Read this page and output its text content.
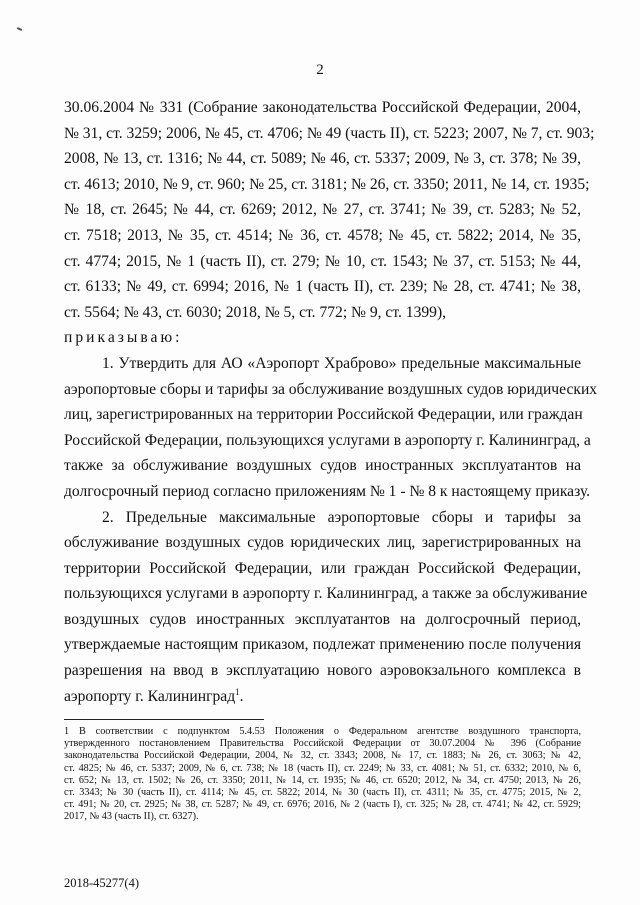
2
30.06.2004 № 331 (Собрание законодательства Российской Федерации, 2004,
№ 31, ст. 3259; 2006, № 45, ст. 4706; № 49 (часть II), ст. 5223; 2007, № 7, ст. 903;
2008, № 13, ст. 1316; № 44, ст. 5089; № 46, ст. 5337; 2009, № 3, ст. 378; № 39,
ст. 4613; 2010, № 9, ст. 960; № 25, ст. 3181; № 26, ст. 3350; 2011, № 14, ст. 1935;
№ 18, ст. 2645; № 44, ст. 6269; 2012, № 27, ст. 3741; № 39, ст. 5283; № 52,
ст. 7518; 2013, № 35, ст. 4514; № 36, ст. 4578; № 45, ст. 5822; 2014, № 35,
ст. 4774; 2015, № 1 (часть II), ст. 279; № 10, ст. 1543; № 37, ст. 5153; № 44,
ст. 6133; № 49, ст. 6994; 2016, № 1 (часть II), ст. 239; № 28, ст. 4741; № 38,
ст. 5564; № 43, ст. 6030; 2018, № 5, ст. 772; № 9, ст. 1399),
приказываю:
1. Утвердить для АО «Аэропорт Храброво» предельные максимальные
аэропортовые сборы и тарифы за обслуживание воздушных судов юридических
лиц, зарегистрированных на территории Российской Федерации, или граждан
Российской Федерации, пользующихся услугами в аэропорту г. Калининград, а
также за обслуживание воздушных судов иностранных эксплуатантов на
долгосрочный период согласно приложениям № 1 - № 8 к настоящему приказу.
2. Предельные максимальные аэропортовые сборы и тарифы за
обслуживание воздушных судов юридических лиц, зарегистрированных на
территории Российской Федерации, или граждан Российской Федерации,
пользующихся услугами в аэропорту г. Калининград, а также за обслуживание
воздушных судов иностранных эксплуатантов на долгосрочный период,
утверждаемые настоящим приказом, подлежат применению после получения
разрешения на ввод в эксплуатацию нового аэровокзального комплекса в
аэропорту г. Калининград$^1$.
1 В соответствии с подпунктом 5.4.53 Положения о Федеральном агентстве воздушного транспорта,
утвержденного постановлением Правительства Российской Федерации от 30.07.2004 № 396 (Собрание
законодательства Российской Федерации, 2004, № 32, ст. 3343; 2008, № 17, ст. 1883; № 26, ст. 3063; № 42,
ст. 4825; № 46, ст. 5337; 2009, № 6, ст. 738; № 18 (часть II), ст. 2249; № 33, ст. 4081; № 51, ст. 6332; 2010, № 6,
ст. 652; № 13, ст. 1502; № 26, ст. 3350; 2011, № 14, ст. 1935; № 46, ст. 6520; 2012, № 34, ст. 4750; 2013, № 26,
ст. 3343; № 30 (часть II), ст. 4114; № 45, ст. 5822; 2014, № 30 (часть II), ст. 4311; № 35, ст. 4775; 2015, № 2,
ст. 491; № 20, ст. 2925; № 38, ст. 5287; № 49, ст. 6976; 2016, № 2 (часть I), ст. 325; № 28, ст. 4741; № 42, ст. 5929;
2017, № 43 (часть II), ст. 6327).
2018-45277(4)
